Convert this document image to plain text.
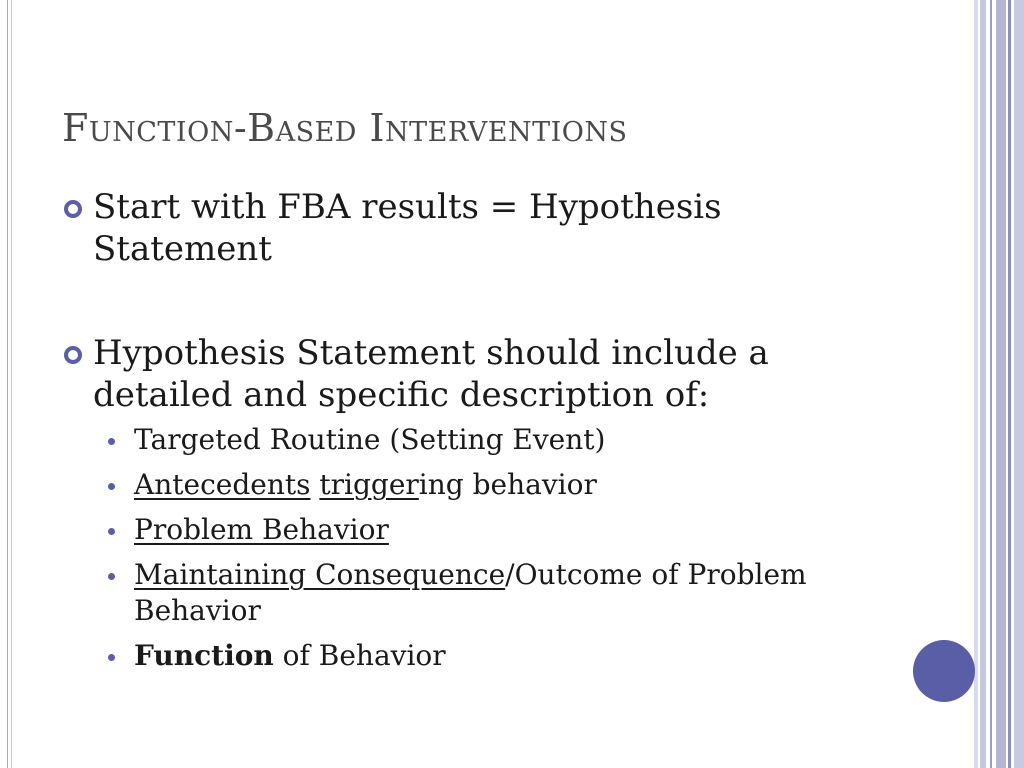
Function-Based Interventions
Start with FBA results = Hypothesis Statement
Hypothesis Statement should include a detailed and specific description of:
Targeted Routine (Setting Event)
Antecedents triggering behavior
Problem Behavior
Maintaining Consequence/Outcome of Problem Behavior
Function of Behavior
